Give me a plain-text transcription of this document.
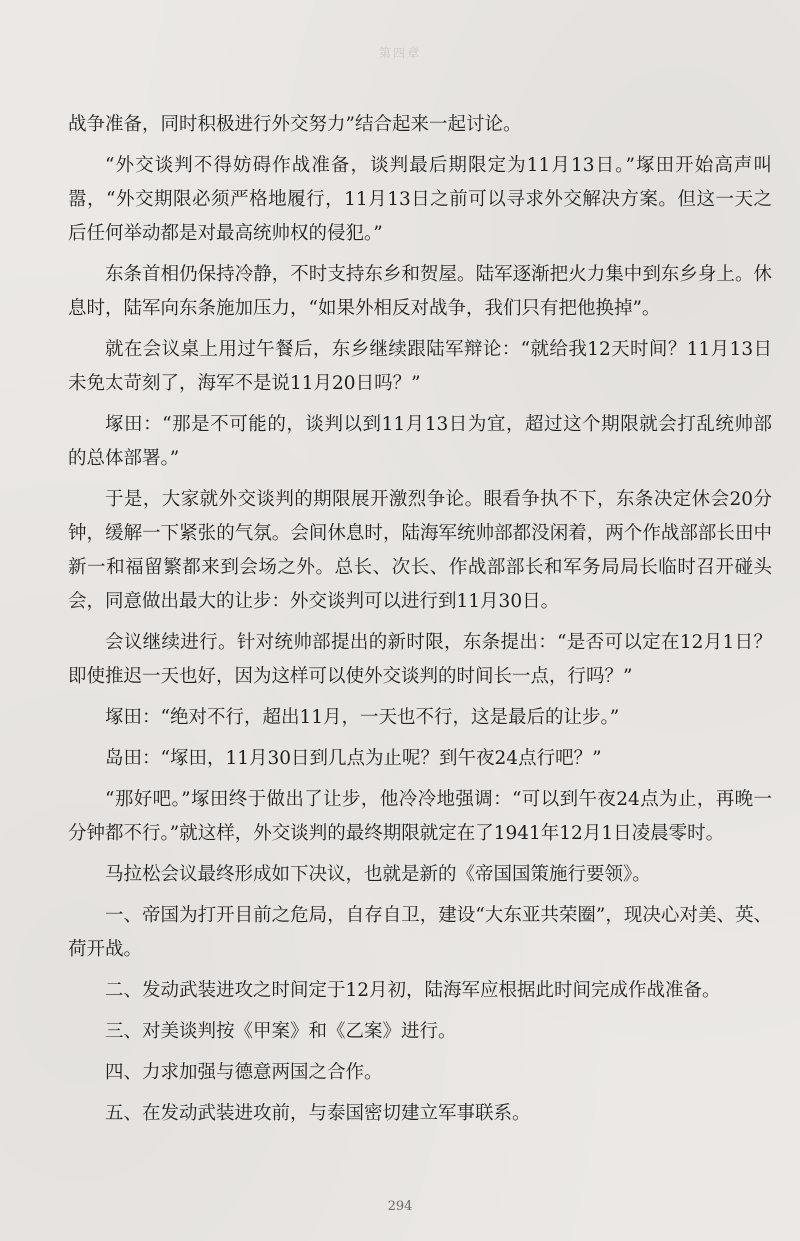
第四章

战争准备，同时积极进行外交努力”结合起来一起讨论。

“外交谈判不得妨碍作战准备，谈判最后期限定为11月13日。”塚田开始高声叫嚣，“外交期限必须严格地履行，11月13日之前可以寻求外交解决方案。但这一天之后任何举动都是对最高统帅权的侵犯。”

东条首相仍保持冷静，不时支持东乡和贺屋。陆军逐渐把火力集中到东乡身上。休息时，陆军向东条施加压力，“如果外相反对战争，我们只有把他换掉”。

就在会议桌上用过午餐后，东乡继续跟陆军辩论：“就给我12天时间？11月13日未免太苛刻了，海军不是说11月20日吗？”

塚田：“那是不可能的，谈判以到11月13日为宜，超过这个期限就会打乱统帅部的总体部署。”

于是，大家就外交谈判的期限展开激烈争论。眼看争执不下，东条决定休会20分钟，缓解一下紧张的气氛。会间休息时，陆海军统帅部都没闲着，两个作战部部长田中新一和福留繁都来到会场之外。总长、次长、作战部部长和军务局局长临时召开碰头会，同意做出最大的让步：外交谈判可以进行到11月30日。

会议继续进行。针对统帅部提出的新时限，东条提出：“是否可以定在12月1日？即使推迟一天也好，因为这样可以使外交谈判的时间长一点，行吗？”

塚田：“绝对不行，超出11月，一天也不行，这是最后的让步。”

岛田：“塚田，11月30日到几点为止呢？到午夜24点行吧？”

“那好吧。”塚田终于做出了让步，他冷冷地强调：“可以到午夜24点为止，再晚一分钟都不行。”就这样，外交谈判的最终期限就定在了1941年12月1日凌晨零时。

马拉松会议最终形成如下决议，也就是新的《帝国国策施行要领》。

一、帝国为打开目前之危局，自存自卫，建设“大东亚共荣圈”，现决心对美、英、荷开战。

二、发动武装进攻之时间定于12月初，陆海军应根据此时间完成作战准备。

三、对美谈判按《甲案》和《乙案》进行。

四、力求加强与德意两国之合作。

五、在发动武装进攻前，与泰国密切建立军事联系。

294
